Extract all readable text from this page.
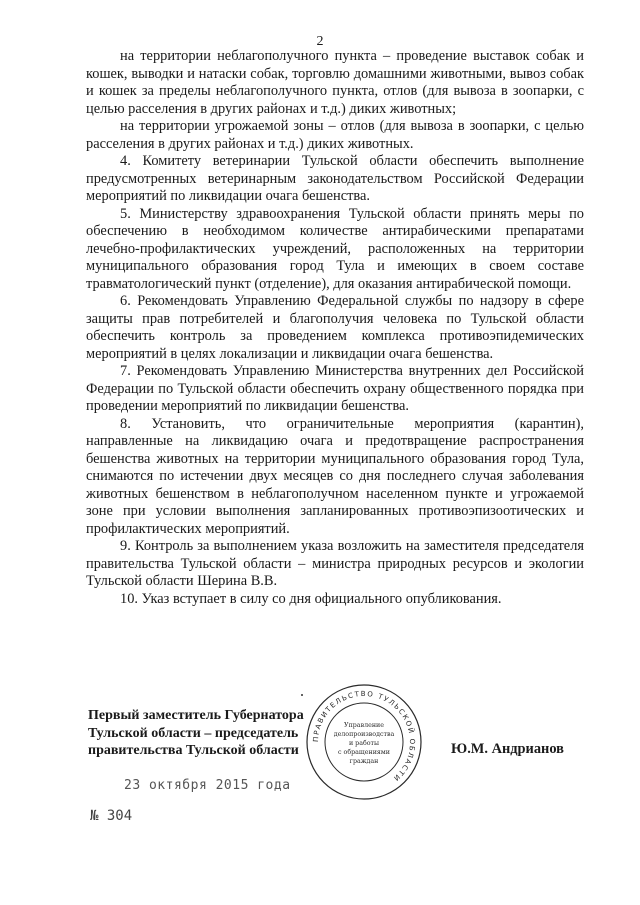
2

на территории неблагополучного пункта – проведение выставок собак и кошек, выводки и натаски собак, торговлю домашними животными, вывоз собак и кошек за пределы неблагополучного пункта, отлов (для вывоза в зоопарки, с целью расселения в других районах и т.д.) диких животных;

на территории угрожаемой зоны – отлов (для вывоза в зоопарки, с целью расселения в других районах и т.д.) диких животных.

4. Комитету ветеринарии Тульской области обеспечить выполнение предусмотренных ветеринарным законодательством Российской Федерации мероприятий по ликвидации очага бешенства.

5. Министерству здравоохранения Тульской области принять меры по обеспечению в необходимом количестве антирабическими препаратами лечебно-профилактических учреждений, расположенных на территории муниципального образования город Тула и имеющих в своем составе травматологический пункт (отделение), для оказания антирабической помощи.

6. Рекомендовать Управлению Федеральной службы по надзору в сфере защиты прав потребителей и благополучия человека по Тульской области обеспечить контроль за проведением комплекса противоэпидемических мероприятий в целях локализации и ликвидации очага бешенства.

7. Рекомендовать Управлению Министерства внутренних дел Российской Федерации по Тульской области обеспечить охрану общественного порядка при проведении мероприятий по ликвидации бешенства.

8. Установить, что ограничительные мероприятия (карантин), направленные на ликвидацию очага и предотвращение распространения бешенства животных на территории муниципального образования город Тула, снимаются по истечении двух месяцев со дня последнего случая заболевания животных бешенством в неблагополучном населенном пункте и угрожаемой зоне при условии выполнения запланированных противоэпизоотических и профилактических мероприятий.

9. Контроль за выполнением указа возложить на заместителя председателя правительства Тульской области – министра природных ресурсов и экологии Тульской области Шерина В.В.

10. Указ вступает в силу со дня официального опубликования.

ПРАВИТЕЛЬСТВО ТУЛЬСКОЙ ОБЛАСТИ
Управление
делопроизводства
и работы
с обращениями
граждан
Первый заместитель Губернатора
Тульской области – председатель
правительства Тульской области	Ю.М. Андрианов
23 октября 2015 года
№ 304
